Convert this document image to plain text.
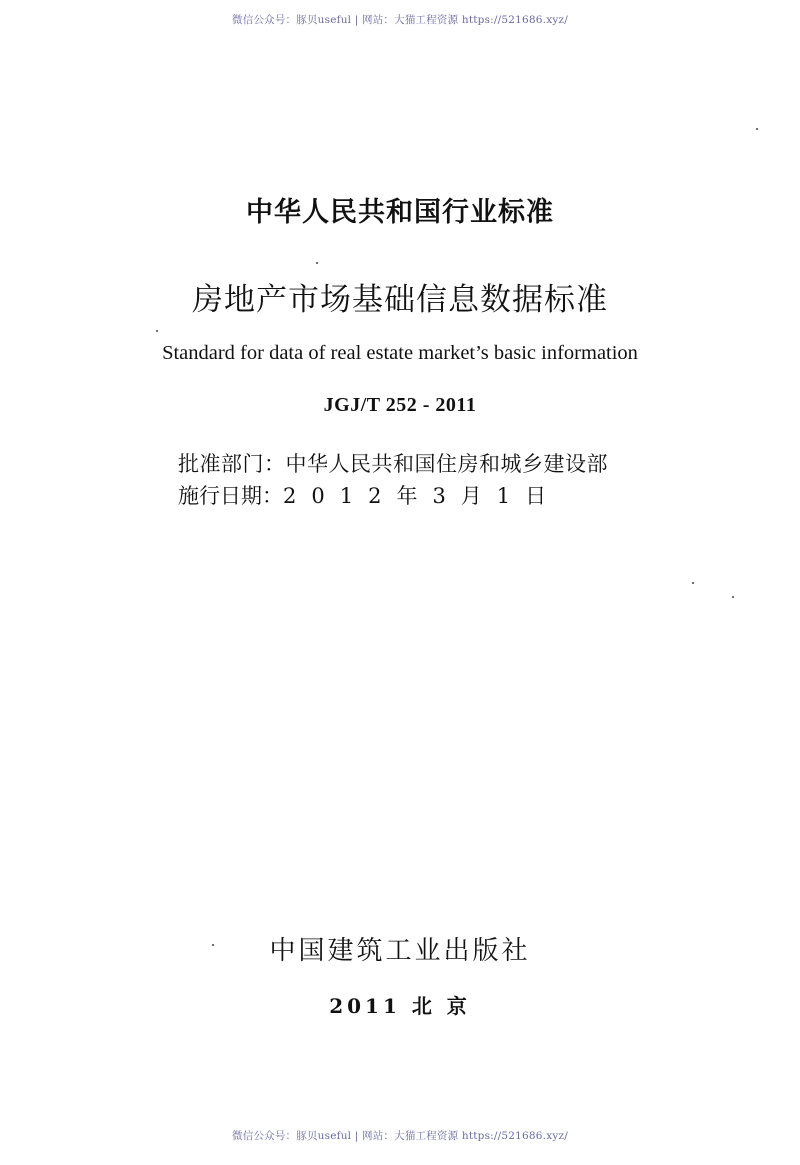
微信公众号：豚贝useful | 网站：大猫工程资源 https://521686.xyz/
中华人民共和国行业标准
房地产市场基础信息数据标准
Standard for data of real estate market’s basic information
JGJ/T 252 - 2011
批准部门：中华人民共和国住房和城乡建设部
施行日期：2012年3月1日
中国建筑工业出版社
2011 北 京
微信公众号：豚贝useful | 网站：大猫工程资源 https://521686.xyz/
